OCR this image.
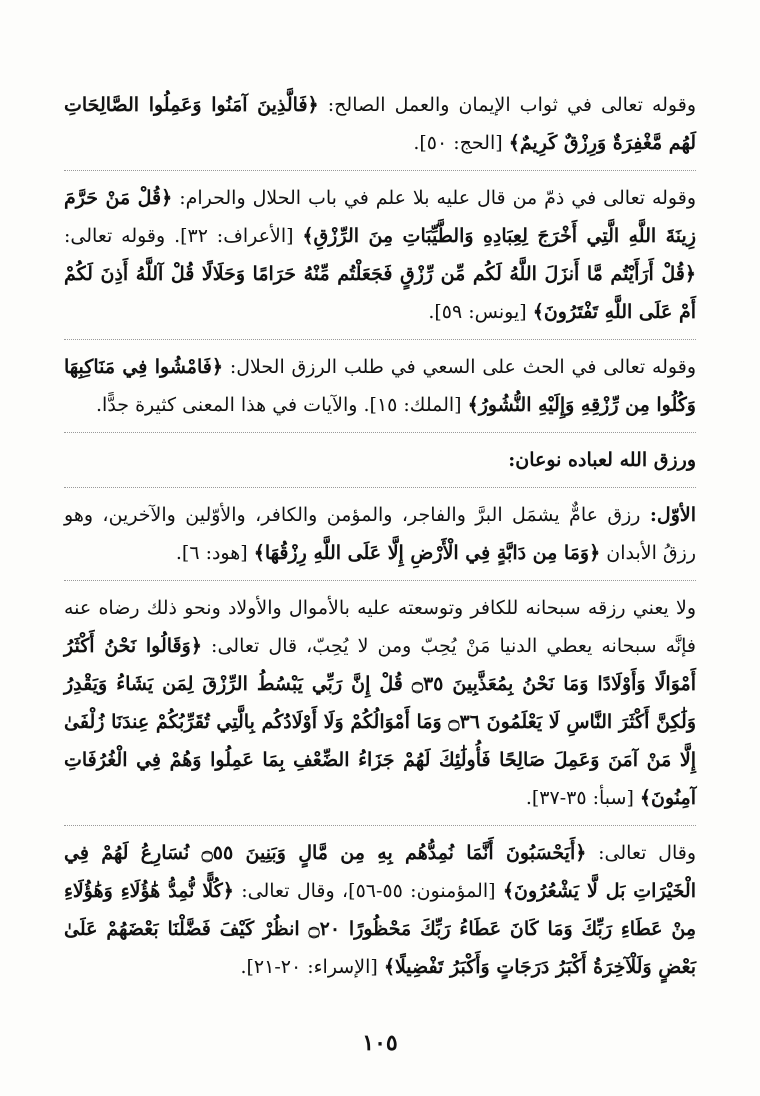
وقوله تعالى في ثواب الإيمان والعمل الصالح: ﴿فَالَّذِينَ آمَنُوا وَعَمِلُوا الصَّالِحَاتِ لَهُم مَّغْفِرَةٌ وَرِزْقٌ كَرِيمٌ﴾ [الحج: ٥٠].

وقوله تعالى في ذمّ من قال عليه بلا علم في باب الحلال والحرام: ﴿قُلْ مَنْ حَرَّمَ زِينَةَ اللَّهِ الَّتِي أَخْرَجَ لِعِبَادِهِ وَالطَّيِّبَاتِ مِنَ الرِّزْقِ﴾ [الأعراف: ٣٢]. وقوله تعالى: ﴿قُلْ أَرَأَيْتُم مَّا أَنزَلَ اللَّهُ لَكُم مِّن رِّزْقٍ فَجَعَلْتُم مِّنْهُ حَرَامًا وَحَلَالًا قُلْ آللَّهُ أَذِنَ لَكُمْ أَمْ عَلَى اللَّهِ تَفْتَرُونَ﴾ [يونس: ٥٩].

وقوله تعالى في الحث على السعي في طلب الرزق الحلال: ﴿فَامْشُوا فِي مَنَاكِبِهَا وَكُلُوا مِن رِّزْقِهِ وَإِلَيْهِ النُّشُورُ﴾ [الملك: ١٥]. والآيات في هذا المعنى كثيرة جدًّا.

ورزق الله لعباده نوعان:

الأوّل: رزق عامٌّ يشمَل البرَّ والفاجر، والمؤمن والكافر، والأوّلين والآخرين، وهو رزقُ الأبدان ﴿وَمَا مِن دَابَّةٍ فِي الْأَرْضِ إِلَّا عَلَى اللَّهِ رِزْقُهَا﴾ [هود: ٦].

ولا يعني رزقه سبحانه للكافر وتوسعته عليه بالأموال والأولاد ونحو ذلك رضاه عنه فإنَّه سبحانه يعطي الدنيا مَنْ يُحِبّ ومن لا يُحِبّ، قال تعالى: ﴿وَقَالُوا نَحْنُ أَكْثَرُ أَمْوَالًا وَأَوْلَادًا وَمَا نَحْنُ بِمُعَذَّبِينَ ۝٣٥ قُلْ إِنَّ رَبِّي يَبْسُطُ الرِّزْقَ لِمَن يَشَاءُ وَيَقْدِرُ وَلَٰكِنَّ أَكْثَرَ النَّاسِ لَا يَعْلَمُونَ ۝٣٦ وَمَا أَمْوَالُكُمْ وَلَا أَوْلَادُكُم بِالَّتِي تُقَرِّبُكُمْ عِندَنَا زُلْفَىٰ إِلَّا مَنْ آمَنَ وَعَمِلَ صَالِحًا فَأُولَٰئِكَ لَهُمْ جَزَاءُ الضِّعْفِ بِمَا عَمِلُوا وَهُمْ فِي الْغُرُفَاتِ آمِنُونَ﴾ [سبأ: ٣٥-٣٧].

وقال تعالى: ﴿أَيَحْسَبُونَ أَنَّمَا نُمِدُّهُم بِهِ مِن مَّالٍ وَبَنِينَ ۝٥٥ نُسَارِعُ لَهُمْ فِي الْخَيْرَاتِ بَل لَّا يَشْعُرُونَ﴾ [المؤمنون: ٥٥-٥٦]، وقال تعالى: ﴿كُلًّا نُّمِدُّ هَٰؤُلَاءِ وَهَٰؤُلَاءِ مِنْ عَطَاءِ رَبِّكَ وَمَا كَانَ عَطَاءُ رَبِّكَ مَحْظُورًا ۝٢٠ انظُرْ كَيْفَ فَضَّلْنَا بَعْضَهُمْ عَلَىٰ بَعْضٍ وَلَلْآخِرَةُ أَكْبَرُ دَرَجَاتٍ وَأَكْبَرُ تَفْضِيلًا﴾ [الإسراء: ٢٠-٢١].

١٠٥
